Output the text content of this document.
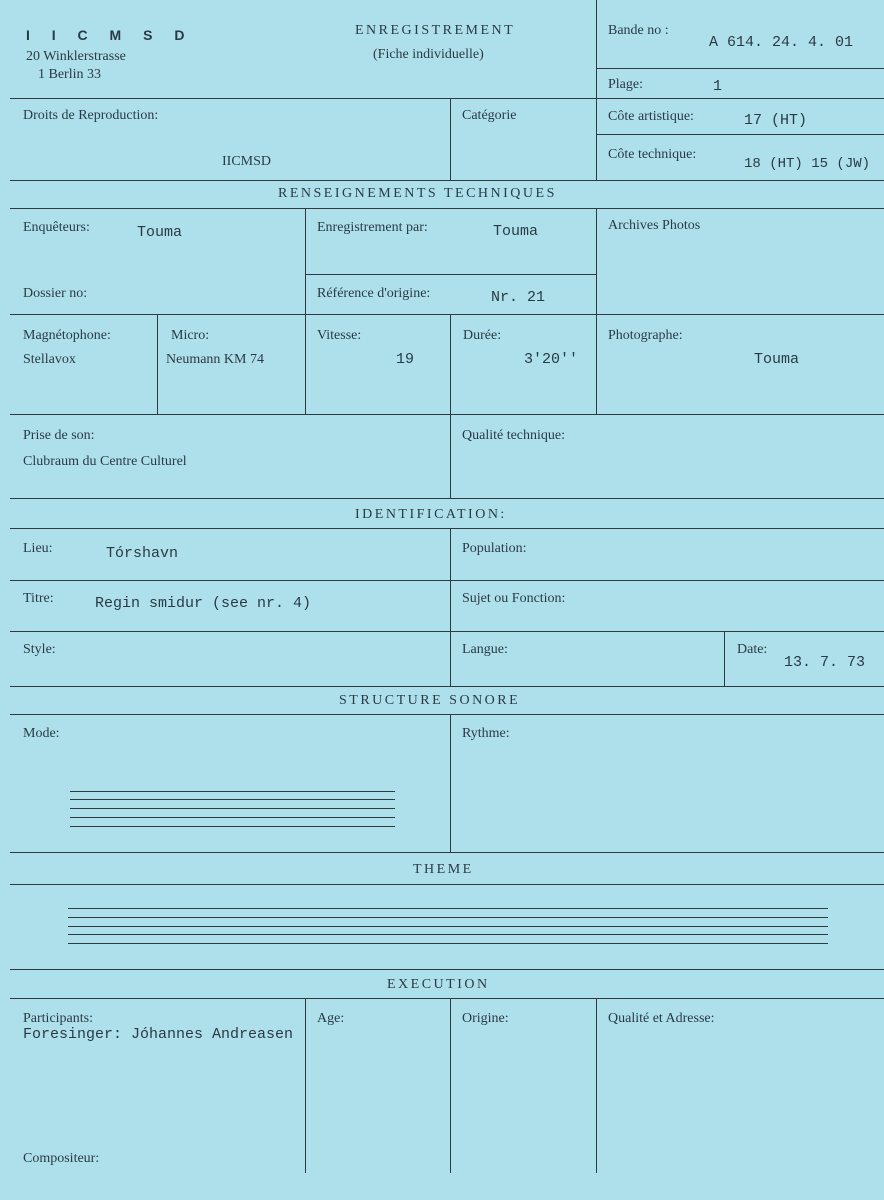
I I C M S D
20 Winklerstrasse
1 Berlin 33
ENREGISTREMENT
(Fiche individuelle)
Bande no :
A 614. 24. 4. 01
Plage:	1
Droits de Reproduction:
IICMSD
Catégorie	Côte artistique:	17 (HT)
Côte technique:
18 (HT) 15 (JW)
RENSEIGNEMENTS TECHNIQUES
Enquêteurs:	Touma	Enregistrement par:	Touma	Archives Photos
Dossier no:	Référence d'origine:	Nr. 21
Magnétophone:
Stellavox
Micro:
Neumann KM 74
Vitesse:
19
Durée:
3'20''
Photographe:
Touma
Prise de son:
Clubraum du Centre Culturel
Qualité technique:
IDENTIFICATION:
Lieu:	Tórshavn	Population:
Titre:	Regin smidur (see nr. 4)	Sujet ou Fonction:
Style:	Langue:	Date:
13. 7. 73
STRUCTURE SONORE
Mode:	Rythme:
THEME
EXECUTION
Participants:
Foresinger: Jóhannes Andreasen
Age:	Origine:	Qualité et Adresse:
Compositeur:
